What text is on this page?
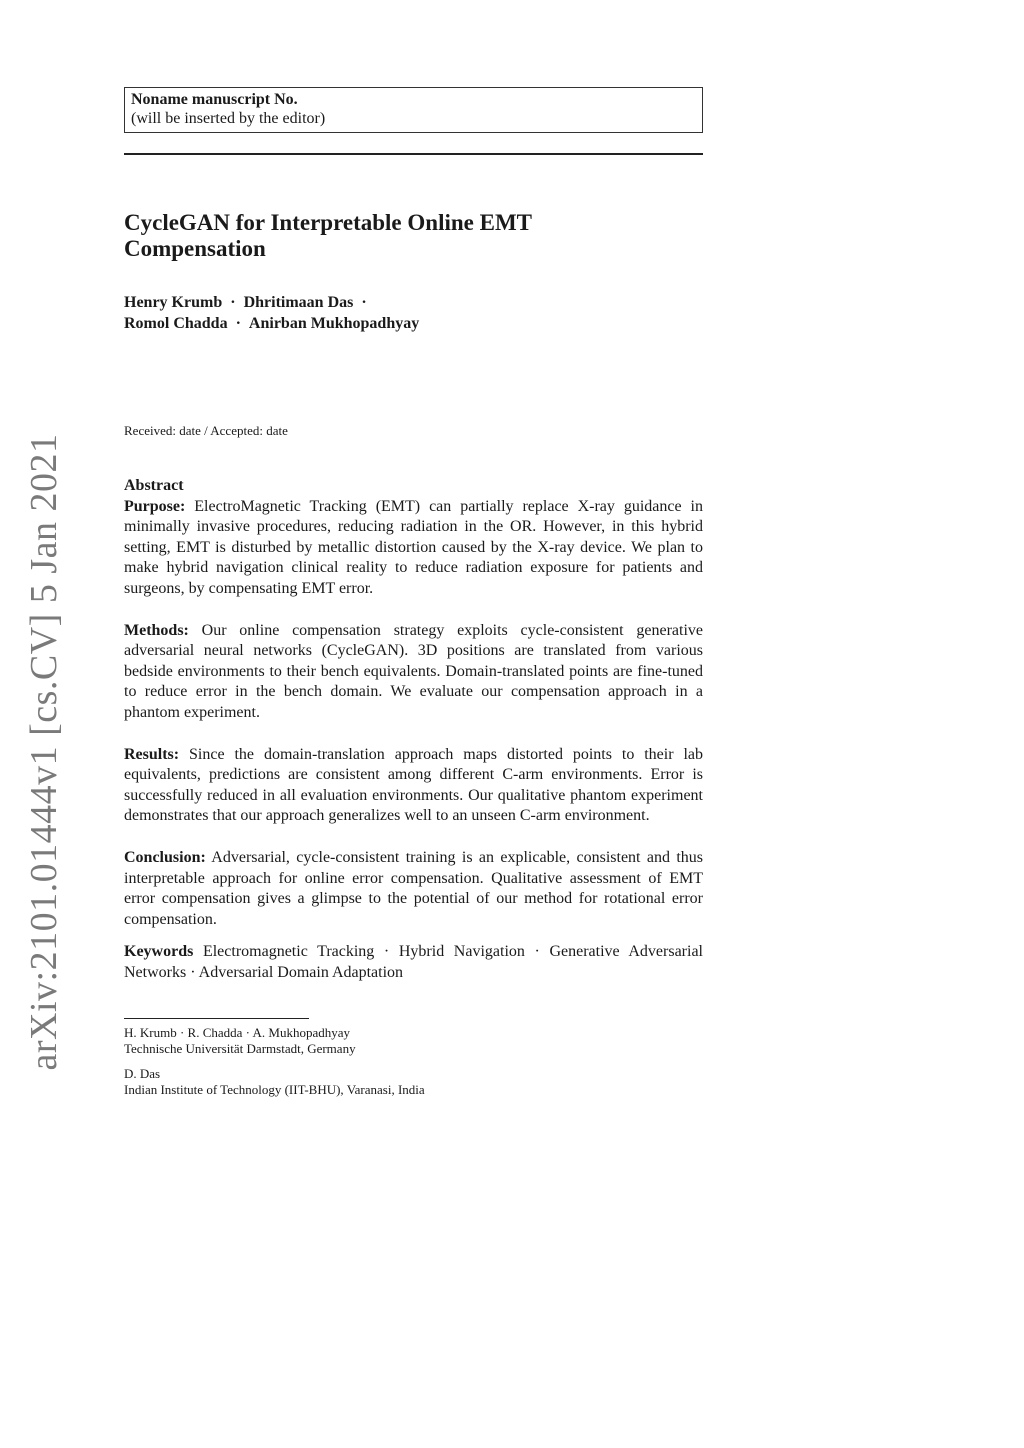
arXiv:2101.01444v1 [cs.CV] 5 Jan 2021
Noname manuscript No.
(will be inserted by the editor)
CycleGAN for Interpretable Online EMT
Compensation
Henry Krumb · Dhritimaan Das ·
Romol Chadda · Anirban Mukhopadhyay
Received: date / Accepted: date
Abstract

Purpose: ElectroMagnetic Tracking (EMT) can partially replace X-ray guidance in minimally invasive procedures, reducing radiation in the OR. However, in this hybrid setting, EMT is disturbed by metallic distortion caused by the X-ray device. We plan to make hybrid navigation clinical reality to reduce radiation exposure for patients and surgeons, by compensating EMT error.

Methods: Our online compensation strategy exploits cycle-consistent generative adversarial neural networks (CycleGAN). 3D positions are translated from various bedside environments to their bench equivalents. Domain-translated points are fine-tuned to reduce error in the bench domain. We evaluate our compensation approach in a phantom experiment.

Results: Since the domain-translation approach maps distorted points to their lab equivalents, predictions are consistent among different C-arm environments. Error is successfully reduced in all evaluation environments. Our qualitative phantom experiment demonstrates that our approach generalizes well to an unseen C-arm environment.

Conclusion: Adversarial, cycle-consistent training is an explicable, consistent and thus interpretable approach for online error compensation. Qualitative assessment of EMT error compensation gives a glimpse to the potential of our method for rotational error compensation.

Keywords Electromagnetic Tracking · Hybrid Navigation · Generative Adversarial Networks · Adversarial Domain Adaptation

H. Krumb · R. Chadda · A. Mukhopadhyay
Technische Universität Darmstadt, Germany
D. Das
Indian Institute of Technology (IIT-BHU), Varanasi, India
